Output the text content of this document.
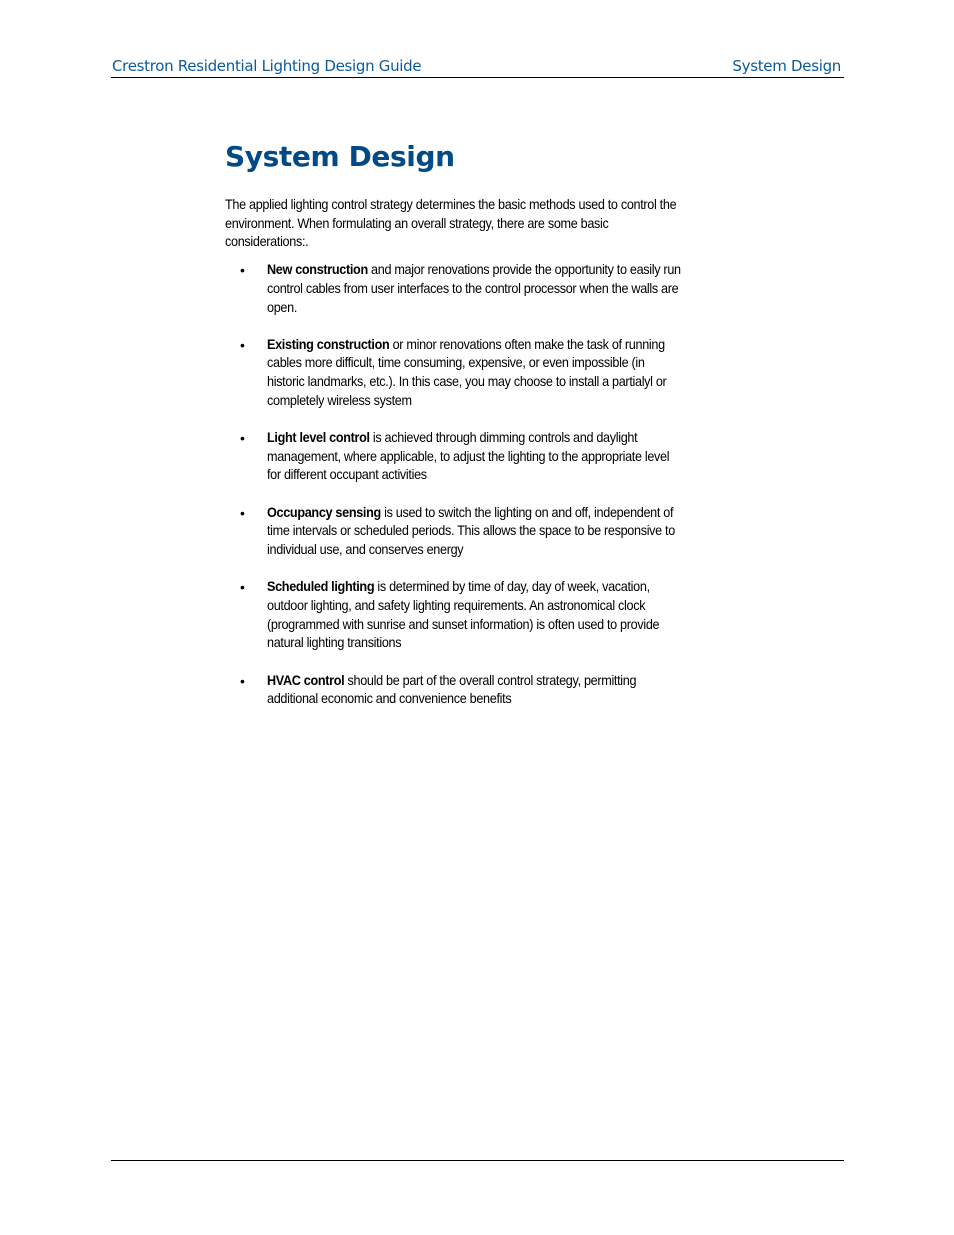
Crestron Residential Lighting Design Guide	System Design
System Design

The applied lighting control strategy determines the basic methods used to control the environment. When formulating an overall strategy, there are some basic considerations:.

• New construction and major renovations provide the opportunity to easily run control cables from user interfaces to the control processor when the walls are open.
• Existing construction or minor renovations often make the task of running cables more difficult, time consuming, expensive, or even impossible (in historic landmarks, etc.). In this case, you may choose to install a partialyl or completely wireless system
• Light level control is achieved through dimming controls and daylight management, where applicable, to adjust the lighting to the appropriate level for different occupant activities
• Occupancy sensing is used to switch the lighting on and off, independent of time intervals or scheduled periods. This allows the space to be responsive to individual use, and conserves energy
• Scheduled lighting is determined by time of day, day of week, vacation, outdoor lighting, and safety lighting requirements. An astronomical clock (programmed with sunrise and sunset information) is often used to provide natural lighting transitions
• HVAC control should be part of the overall control strategy, permitting additional economic and convenience benefits
